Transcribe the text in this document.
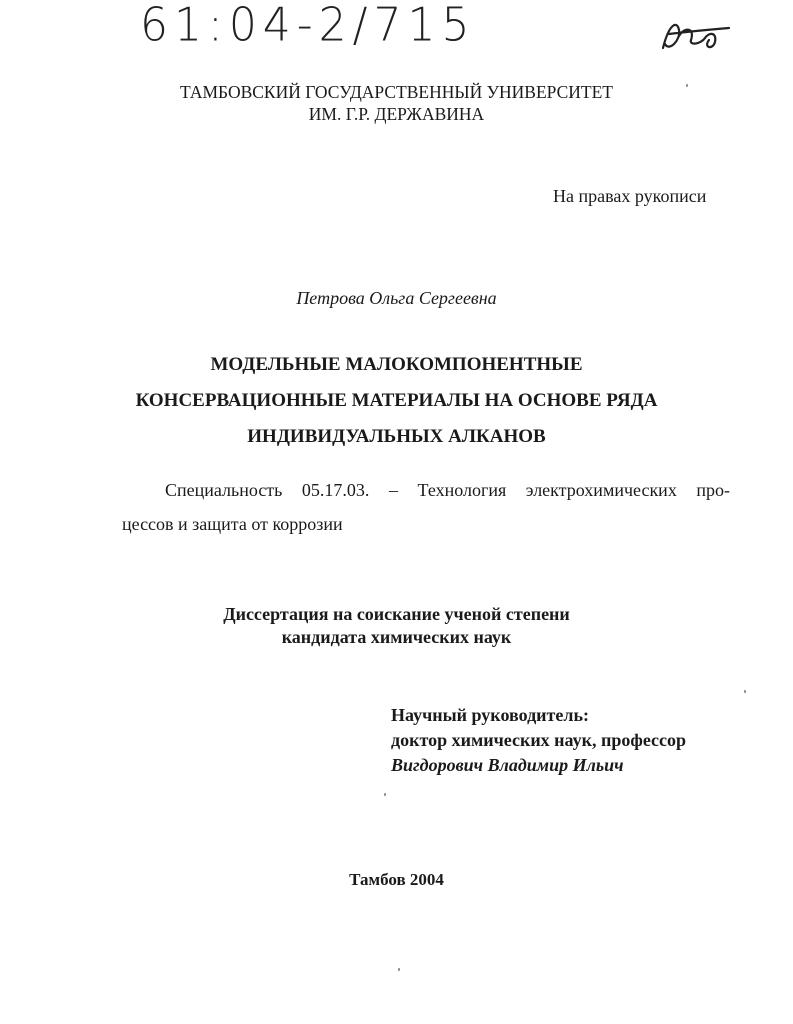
61:04-2/715
ТАМБОВСКИЙ ГОСУДАРСТВЕННЫЙ УНИВЕРСИТЕТ
ИМ. Г.Р. ДЕРЖАВИНА
На правах рукописи
Петрова Ольга Сергеевна
МОДЕЛЬНЫЕ МАЛОКОМПОНЕНТНЫЕ
КОНСЕРВАЦИОННЫЕ МАТЕРИАЛЫ НА ОСНОВЕ РЯДА
ИНДИВИДУАЛЬНЫХ АЛКАНОВ
Специальность 05.17.03. – Технология электрохимических про-
цессов и защита от коррозии
Диссертация на соискание ученой степени
кандидата химических наук
Научный руководитель:
доктор химических наук, профессор
Вигдорович Владимир Ильич
Тамбов 2004
